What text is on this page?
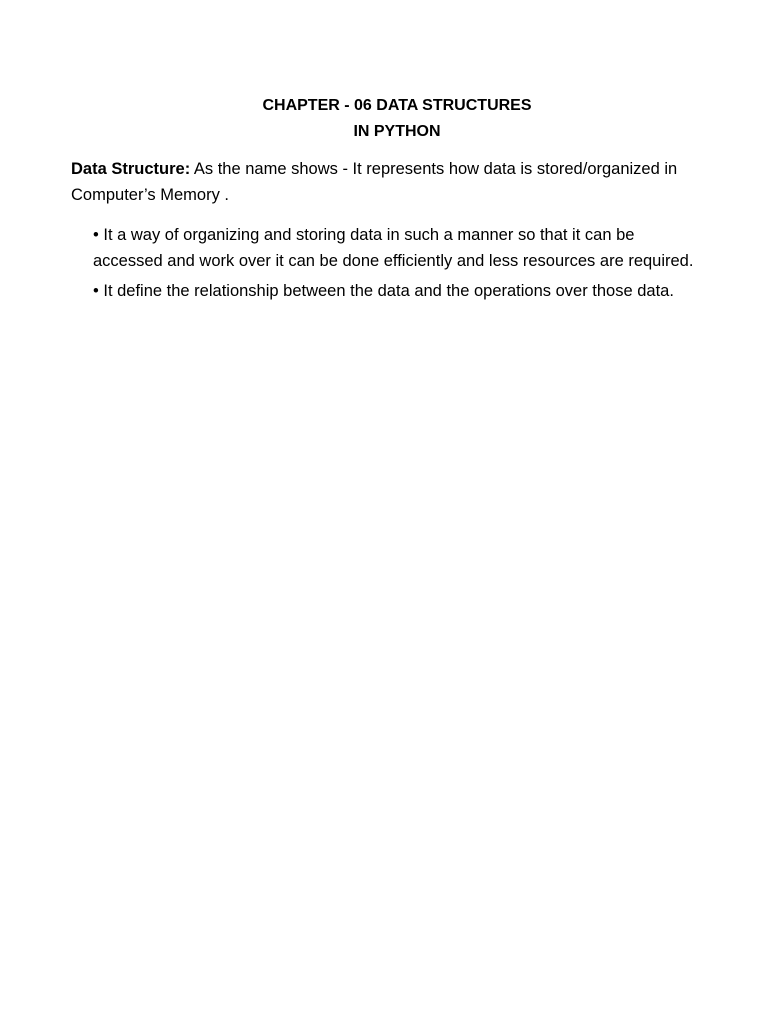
CHAPTER - 06 DATA STRUCTURES
IN PYTHON
Data Structure: As the name shows - It represents how data is stored/organized in Computer’s Memory .
• It a way of organizing and storing data in such a manner so that it can be accessed and work over it can be done efficiently and less resources are required.
• It define the relationship between the data and the operations over those data.
